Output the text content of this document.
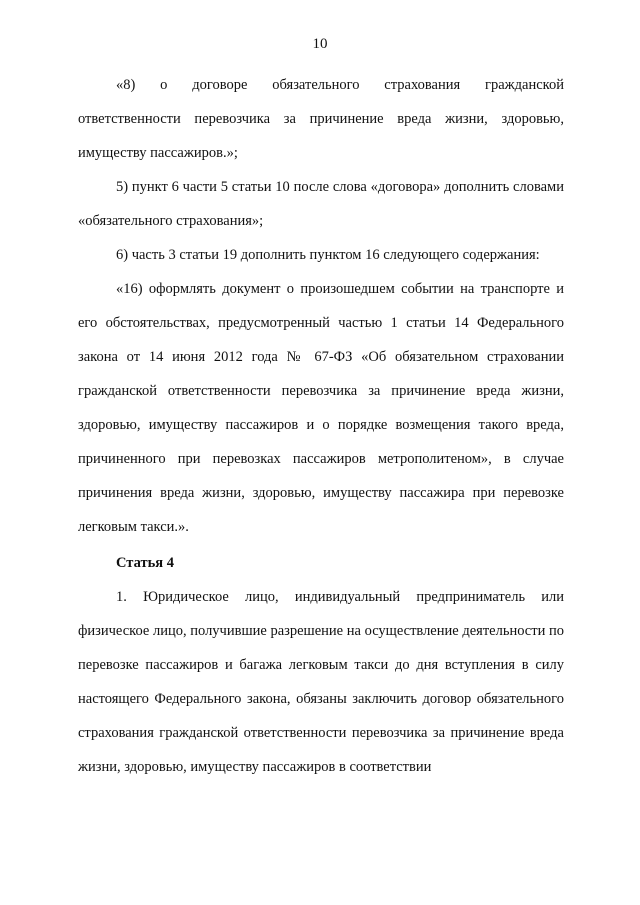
10

«8) о договоре обязательного страхования гражданской ответственности перевозчика за причинение вреда жизни, здоровью, имуществу пассажиров.»;

5) пункт 6 части 5 статьи 10 после слова «договора» дополнить словами «обязательного страхования»;

6) часть 3 статьи 19 дополнить пунктом 16 следующего содержания:

«16) оформлять документ о произошедшем событии на транспорте и его обстоятельствах, предусмотренный частью 1 статьи 14 Федерального закона от 14 июня 2012 года № 67-ФЗ «Об обязательном страховании гражданской ответственности перевозчика за причинение вреда жизни, здоровью, имуществу пассажиров и о порядке возмещения такого вреда, причиненного при перевозках пассажиров метрополитеном», в случае причинения вреда жизни, здоровью, имуществу пассажира при перевозке легковым такси.».

Статья 4

1. Юридическое лицо, индивидуальный предприниматель или физическое лицо, получившие разрешение на осуществление деятельности по перевозке пассажиров и багажа легковым такси до дня вступления в силу настоящего Федерального закона, обязаны заключить договор обязательного страхования гражданской ответственности перевозчика за причинение вреда жизни, здоровью, имуществу пассажиров в соответствии
